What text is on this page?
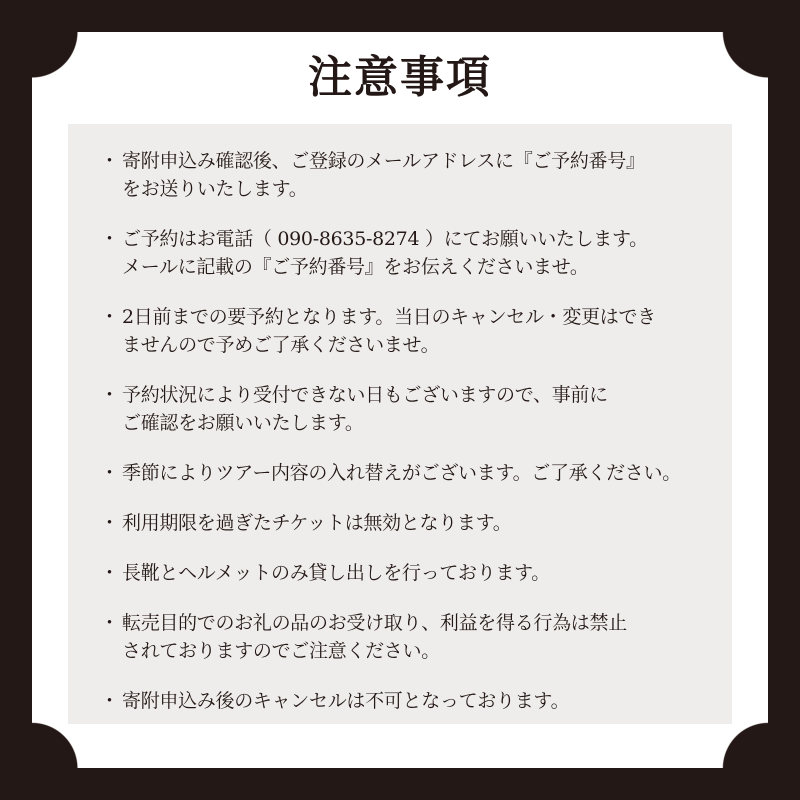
注意事項
・ 寄附申込み確認後、ご登録のメールアドレスに『ご予約番号』
をお送りいたします。
・ ご予約はお電話（ 090-8635-8274 ）にてお願いいたします。
メールに記載の『ご予約番号』をお伝えくださいませ。
・ 2日前までの要予約となります。当日のキャンセル・変更はでき
ませんので予めご了承くださいませ。
・ 予約状況により受付できない日もございますので、事前に
ご確認をお願いいたします。
・ 季節によりツアー内容の入れ替えがございます。ご了承ください。
・ 利用期限を過ぎたチケットは無効となります。
・ 長靴とヘルメットのみ貸し出しを行っております。
・ 転売目的でのお礼の品のお受け取り、利益を得る行為は禁止
されておりますのでご注意ください。
・ 寄附申込み後のキャンセルは不可となっております。
